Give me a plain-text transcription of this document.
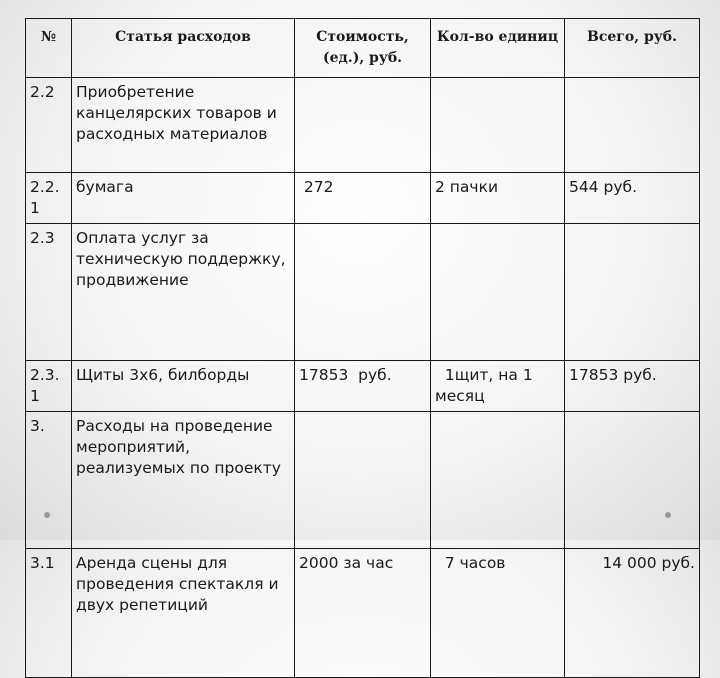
№	Статья расходов	Стоимость, (ед.), руб.	Кол-во единиц	Всего, руб.
2.2	Приобретение канцелярских товаров и расходных материалов			
2.2. 1	бумага	272	2 пачки	544 руб.
2.3	Оплата услуг за техническую поддержку, продвижение			
2.3. 1	Щиты 3х6, билборды	17853  руб.	1щит, на 1 месяц	17853 руб.
3.	Расходы на проведение мероприятий, реализуемых по проекту			
3.1	Аренда сцены для проведения спектакля и двух репетиций	2000 за час	7 часов	14 000 руб.
